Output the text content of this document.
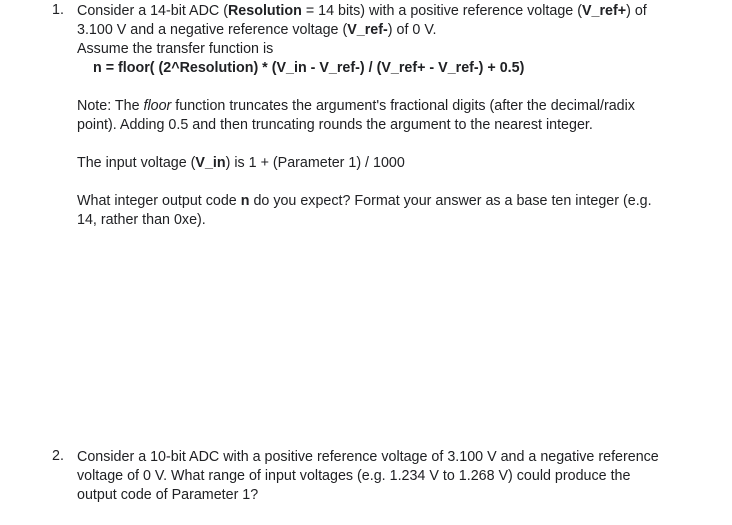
1. Consider a 14-bit ADC (Resolution = 14 bits) with a positive reference voltage (V_ref+) of
3.100 V and a negative reference voltage (V_ref-) of 0 V.
Assume the transfer function is
n = floor( (2^Resolution) * (V_in - V_ref-) / (V_ref+ - V_ref-) + 0.5)
Note: The floor function truncates the argument's fractional digits (after the decimal/radix
point). Adding 0.5 and then truncating rounds the argument to the nearest integer.
The input voltage (V_in) is 1 + (Parameter 1) / 1000
What integer output code n do you expect? Format your answer as a base ten integer (e.g.
14, rather than 0xe).
2. Consider a 10-bit ADC with a positive reference voltage of 3.100 V and a negative reference
voltage of 0 V. What range of input voltages (e.g. 1.234 V to 1.268 V) could produce the
output code of Parameter 1?
